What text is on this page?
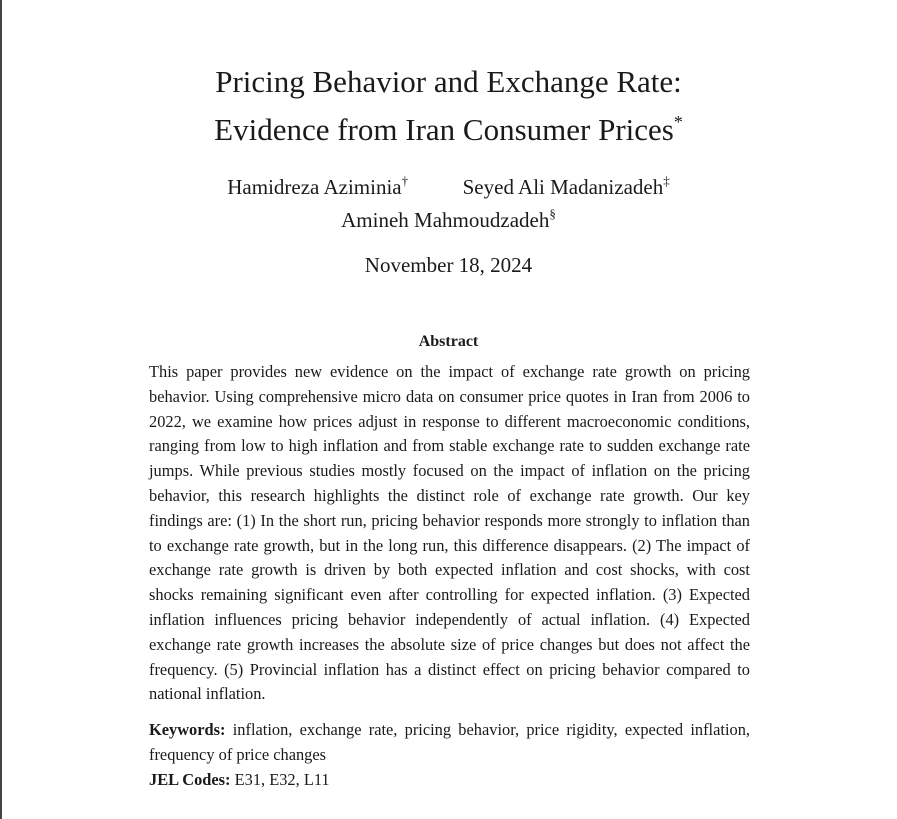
Pricing Behavior and Exchange Rate:
Evidence from Iran Consumer Prices*
Hamidreza Aziminia†	Seyed Ali Madanizadeh‡
Amineh Mahmoudzadeh§
November 18, 2024
Abstract

This paper provides new evidence on the impact of exchange rate growth on pricing behavior. Using comprehensive micro data on consumer price quotes in Iran from 2006 to 2022, we examine how prices adjust in response to different macroeconomic conditions, ranging from low to high inflation and from stable exchange rate to sudden exchange rate jumps. While previous studies mostly focused on the impact of inflation on the pricing behavior, this research highlights the distinct role of exchange rate growth. Our key findings are: (1) In the short run, pricing behavior responds more strongly to inflation than to exchange rate growth, but in the long run, this difference disappears. (2) The impact of exchange rate growth is driven by both expected inflation and cost shocks, with cost shocks remaining significant even after controlling for expected inflation. (3) Expected inflation influences pricing behavior independently of actual inflation. (4) Expected exchange rate growth increases the absolute size of price changes but does not affect the frequency. (5) Provincial inflation has a distinct effect on pricing behavior compared to national inflation.

Keywords: inflation, exchange rate, pricing behavior, price rigidity, expected inflation, frequency of price changes
JEL Codes: E31, E32, L11
